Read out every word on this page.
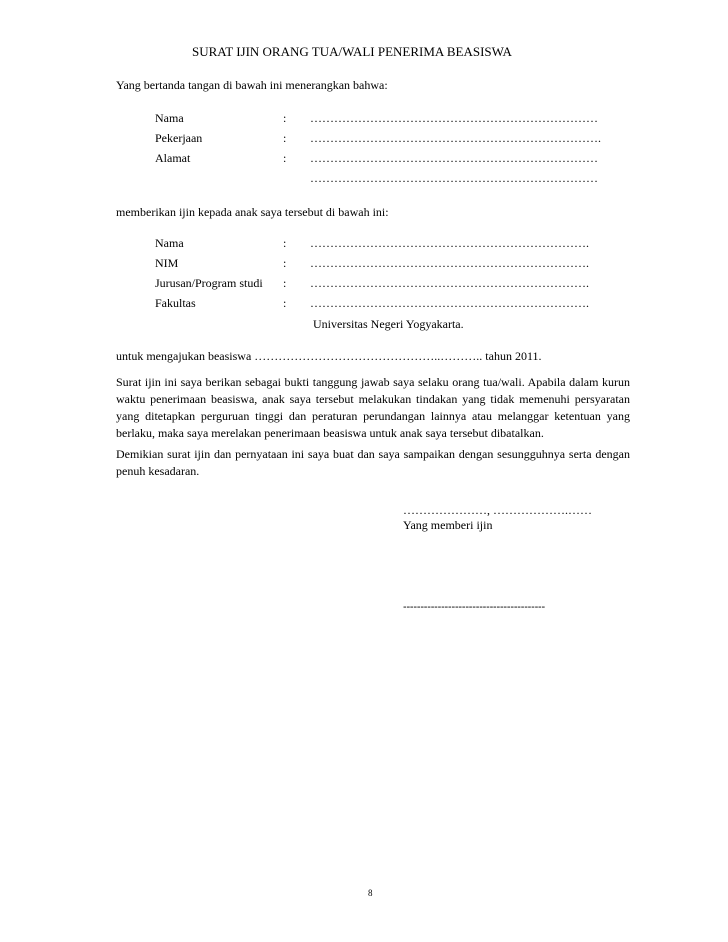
SURAT IJIN ORANG TUA/WALI PENERIMA BEASISWA
Yang bertanda tangan di bawah ini menerangkan bahwa:
Nama	: ………………………………………………………………
Pekerjaan	: ……………………………………………………………….
Alamat	: ………………………………………………………………
………………………………………………………………
memberikan ijin kepada anak saya tersebut di bawah ini:
Nama	: …………………………………………………………….
NIM	: …………………………………………………………….
Jurusan/Program studi : …………………………………………………………….
Fakultas	: …………………………………………………………….
Universitas Negeri Yogyakarta.
untuk mengajukan beasiswa ………………………………………..……….. tahun 2011.
Surat ijin ini saya berikan sebagai bukti tanggung jawab saya selaku orang tua/wali. Apabila dalam kurun waktu penerimaan beasiswa, anak saya tersebut melakukan tindakan yang tidak memenuhi persyaratan yang ditetapkan perguruan tinggi dan peraturan perundangan lainnya atau melanggar ketentuan yang berlaku, maka saya merelakan penerimaan beasiswa untuk anak saya tersebut dibatalkan.
Demikian surat ijin dan pernyataan ini saya buat dan saya sampaikan dengan sesungguhnya serta dengan penuh kesadaran.
…………………, ……………….……
Yang memberi ijin
-----------------------------------------
8
